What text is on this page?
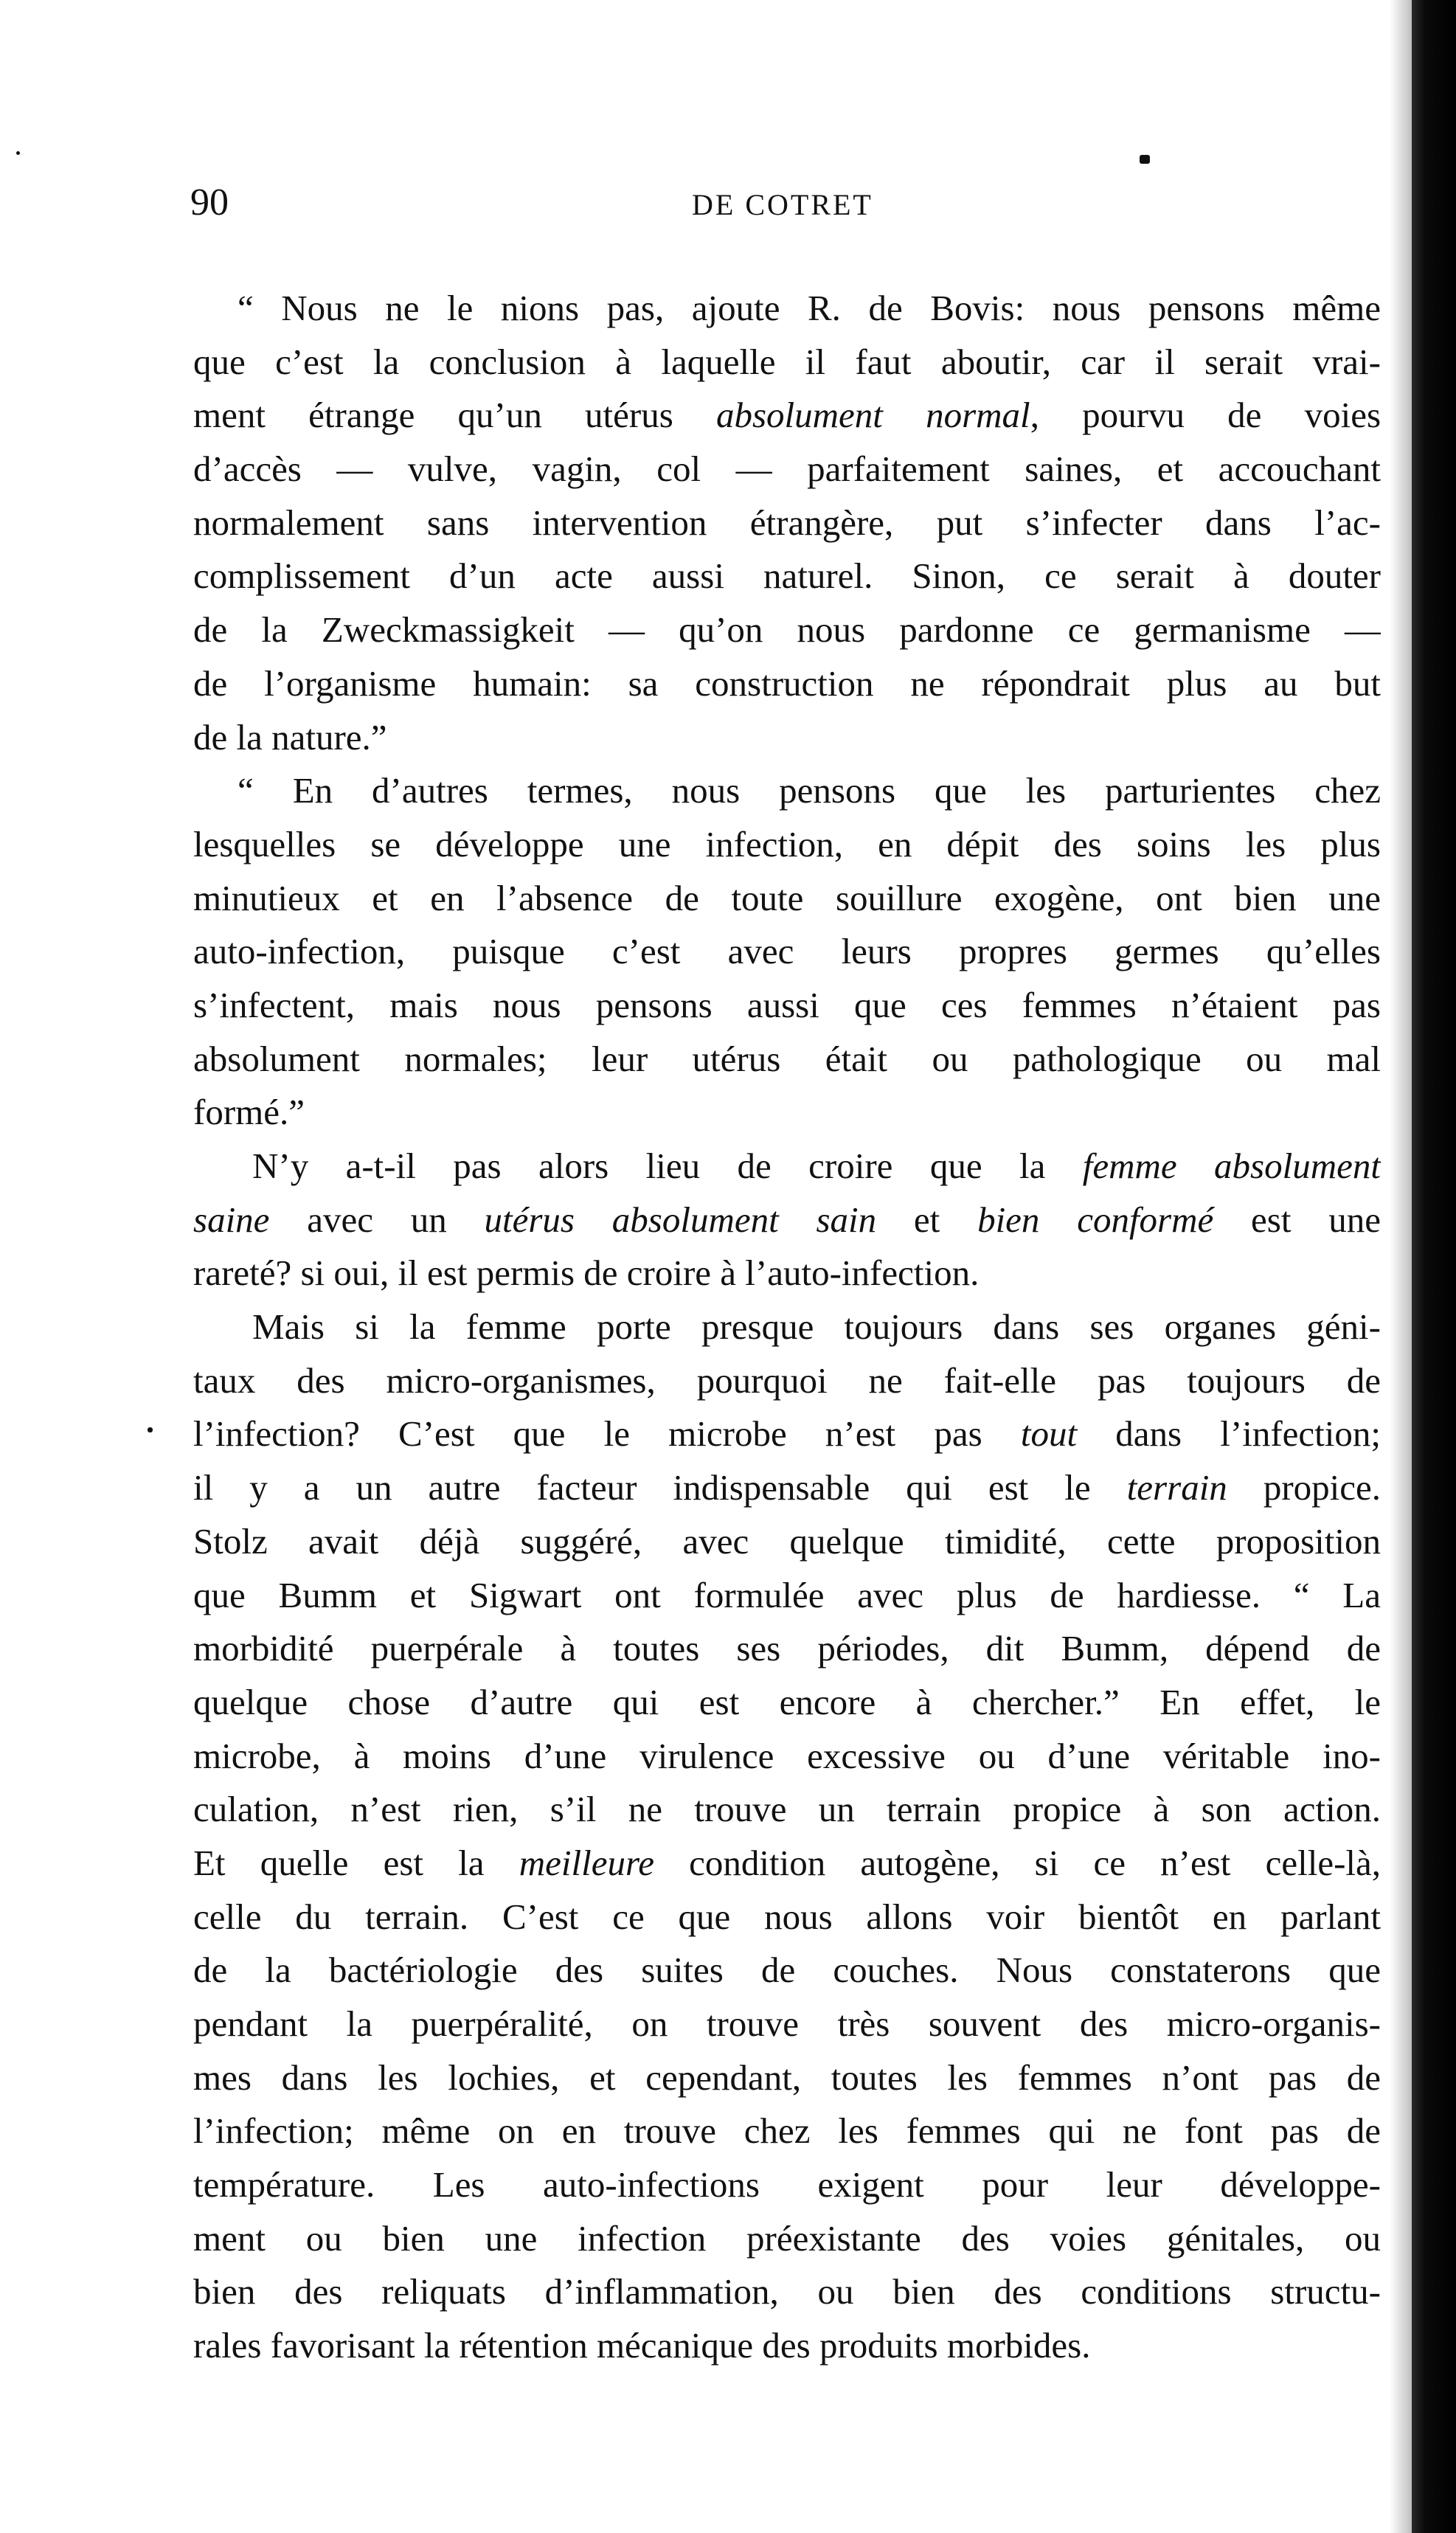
90	DE COTRET
“ Nous ne le nions pas, ajoute R. de Bovis: nous pensons même
que c’est la conclusion à laquelle il faut aboutir, car il serait vrai-
ment étrange qu’un utérus absolument normal, pourvu de voies
d’accès — vulve, vagin, col — parfaitement saines, et accouchant
normalement sans intervention étrangère, put s’infecter dans l’ac-
complissement d’un acte aussi naturel. Sinon, ce serait à douter
de la Zweckmassigkeit — qu’on nous pardonne ce germanisme —
de l’organisme humain: sa construction ne répondrait plus au but
de la nature.”
“ En d’autres termes, nous pensons que les parturientes chez
lesquelles se développe une infection, en dépit des soins les plus
minutieux et en l’absence de toute souillure exogène, ont bien une
auto-infection, puisque c’est avec leurs propres germes qu’elles
s’infectent, mais nous pensons aussi que ces femmes n’étaient pas
absolument normales; leur utérus était ou pathologique ou mal
formé.”
N’y a-t-il pas alors lieu de croire que la femme absolument
saine avec un utérus absolument sain et bien conformé est une
rareté? si oui, il est permis de croire à l’auto-infection.
Mais si la femme porte presque toujours dans ses organes géni-
taux des micro-organismes, pourquoi ne fait-elle pas toujours de
l’infection? C’est que le microbe n’est pas tout dans l’infection;
il y a un autre facteur indispensable qui est le terrain propice.
Stolz avait déjà suggéré, avec quelque timidité, cette proposition
que Bumm et Sigwart ont formulée avec plus de hardiesse. “ La
morbidité puerpérale à toutes ses périodes, dit Bumm, dépend de
quelque chose d’autre qui est encore à chercher.” En effet, le
microbe, à moins d’une virulence excessive ou d’une véritable ino-
culation, n’est rien, s’il ne trouve un terrain propice à son action.
Et quelle est la meilleure condition autogène, si ce n’est celle-là,
celle du terrain. C’est ce que nous allons voir bientôt en parlant
de la bactériologie des suites de couches. Nous constaterons que
pendant la puerpéralité, on trouve très souvent des micro-organis-
mes dans les lochies, et cependant, toutes les femmes n’ont pas de
l’infection; même on en trouve chez les femmes qui ne font pas de
température. Les auto-infections exigent pour leur développe-
ment ou bien une infection préexistante des voies génitales, ou
bien des reliquats d’inflammation, ou bien des conditions structu-
rales favorisant la rétention mécanique des produits morbides.
